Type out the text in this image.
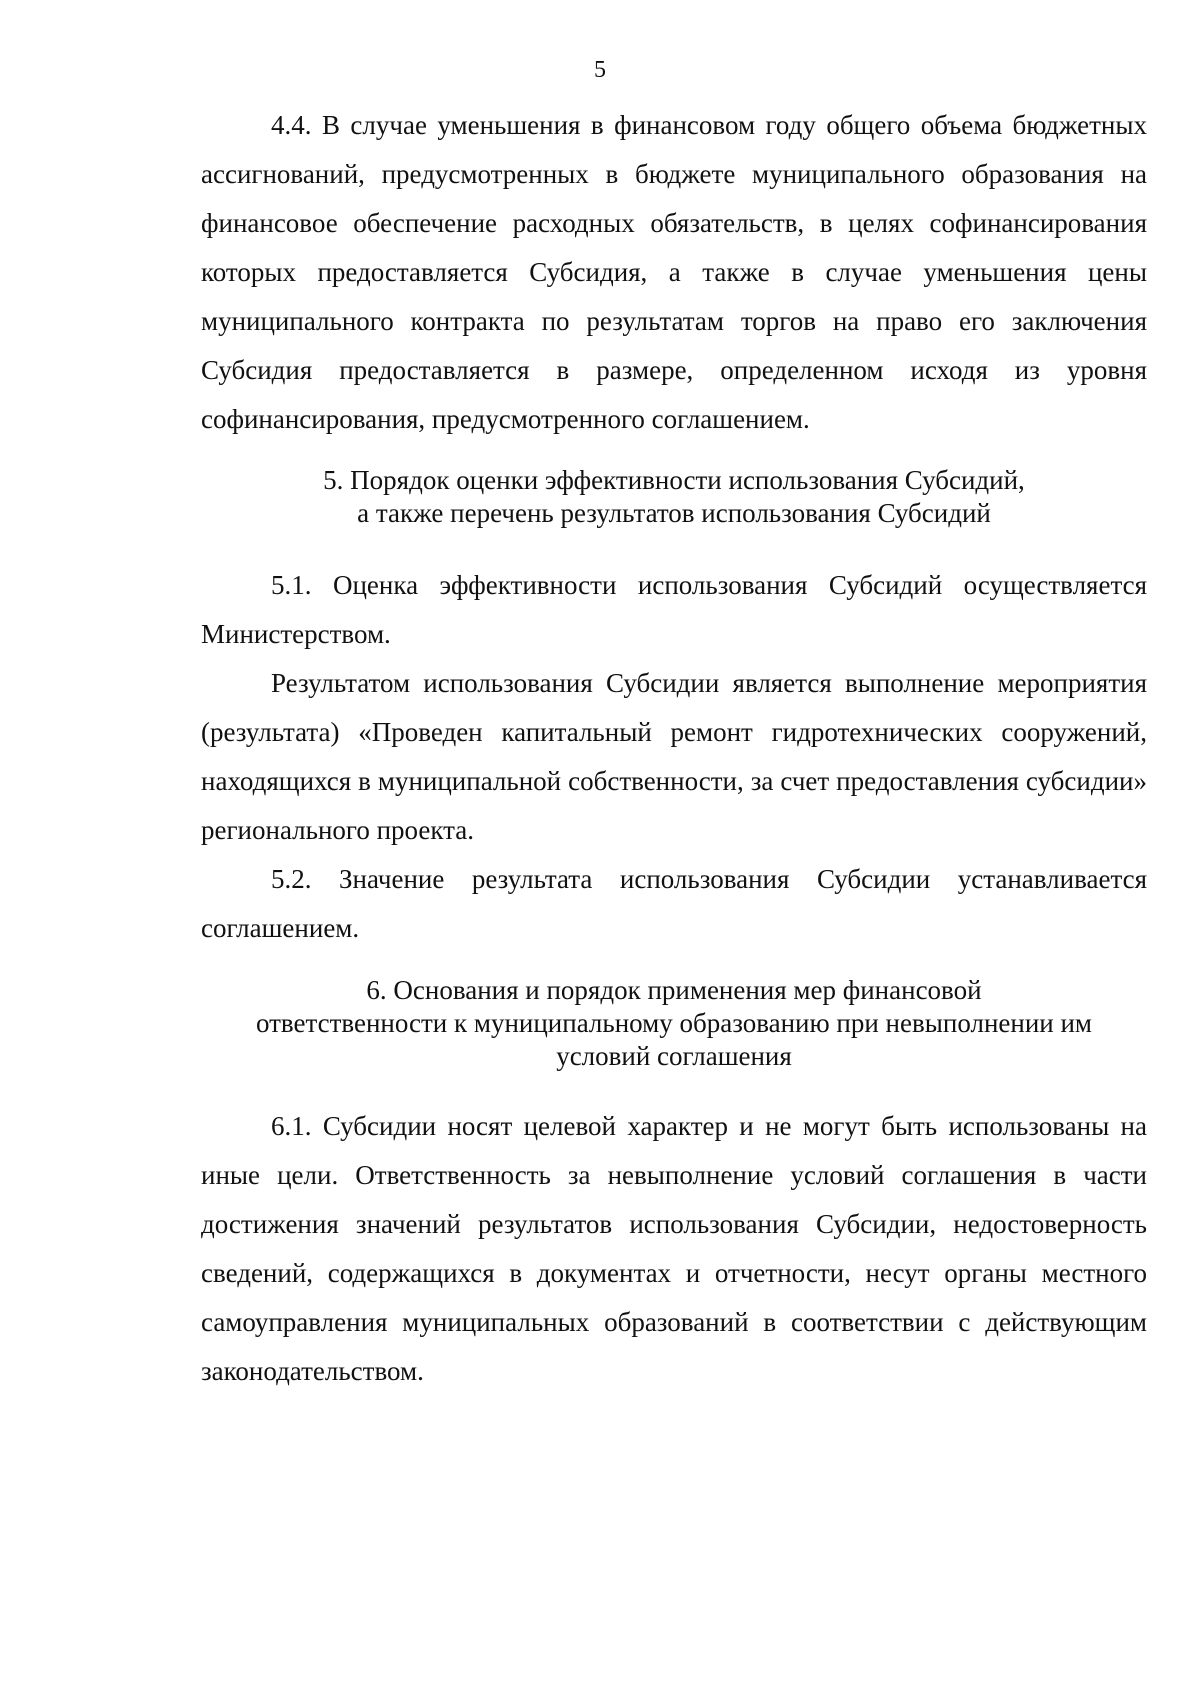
5

4.4. В случае уменьшения в финансовом году общего объема бюджетных ассигнований, предусмотренных в бюджете муниципального образования на финансовое обеспечение расходных обязательств, в целях софинансирования которых предоставляется Субсидия, а также в случае уменьшения цены муниципального контракта по результатам торгов на право его заключения Субсидия предоставляется в размере, определенном исходя из уровня софинансирования, предусмотренного соглашением.

5. Порядок оценки эффективности использования Субсидий,
а также перечень результатов использования Субсидий

5.1. Оценка эффективности использования Субсидий осуществляется Министерством.

Результатом использования Субсидии является выполнение мероприятия (результата) «Проведен капитальный ремонт гидротехнических сооружений, находящихся в муниципальной собственности, за счет предоставления субсидии» регионального проекта.

5.2. Значение результата использования Субсидии устанавливается соглашением.

6. Основания и порядок применения мер финансовой
ответственности к муниципальному образованию при невыполнении им
условий соглашения

6.1. Субсидии носят целевой характер и не могут быть использованы на иные цели. Ответственность за невыполнение условий соглашения в части достижения значений результатов использования Субсидии, недостоверность сведений, содержащихся в документах и отчетности, несут органы местного самоуправления муниципальных образований в соответствии с действующим законодательством.
